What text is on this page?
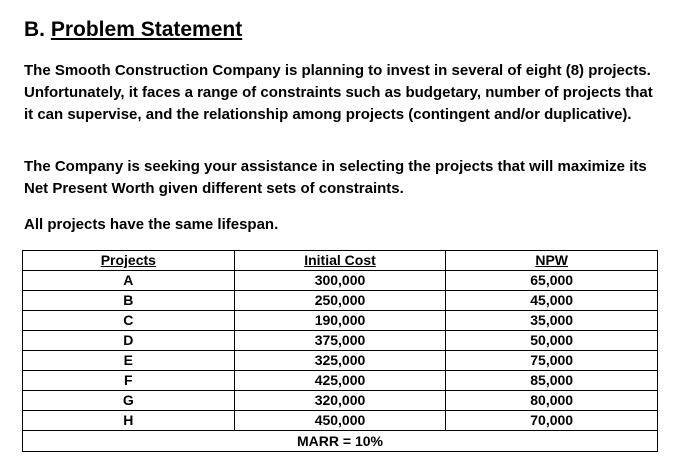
B. Problem Statement

The Smooth Construction Company is planning to invest in several of eight (8) projects. Unfortunately, it faces a range of constraints such as budgetary, number of projects that it can supervise, and the relationship among projects (contingent and/or duplicative).

The Company is seeking your assistance in selecting the projects that will maximize its Net Present Worth given different sets of constraints.

All projects have the same lifespan.

Projects	Initial Cost	NPW
A	300,000	65,000
B	250,000	45,000
C	190,000	35,000
D	375,000	50,000
E	325,000	75,000
F	425,000	85,000
G	320,000	80,000
H	450,000	70,000
MARR = 10%		
